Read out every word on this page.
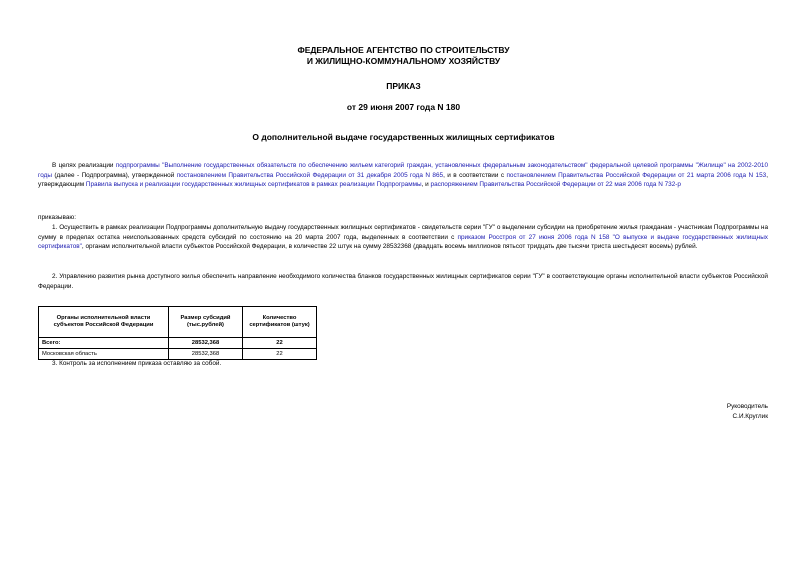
ФЕДЕРАЛЬНОЕ АГЕНТСТВО ПО СТРОИТЕЛЬСТВУ
И ЖИЛИЩНО-КОММУНАЛЬНОМУ ХОЗЯЙСТВУ
ПРИКАЗ
от 29 июня 2007 года N 180
О дополнительной выдаче государственных жилищных сертификатов
В целях реализации подпрограммы "Выполнение государственных обязательств по обеспечению жильем категорий граждан, установленных федеральным законодательством" федеральной целевой программы "Жилище" на 2002-2010 годы (далее - Подпрограмма), утвержденной постановлением Правительства Российской Федерации от 31 декабря 2005 года N 865, и в соответствии с постановлением Правительства Российской Федерации от 21 марта 2006 года N 153, утверждающим Правила выпуска и реализации государственных жилищных сертификатов в рамках реализации Подпрограммы, и распоряжением Правительства Российской Федерации от 22 мая 2006 года N 732-р
приказываю:
1. Осуществить в рамках реализации Подпрограммы дополнительную выдачу государственных жилищных сертификатов - свидетельств серии "ГУ" о выделении субсидии на приобретение жилья гражданам - участникам Подпрограммы на сумму в пределах остатка неиспользованных средств субсидий по состоянию на 20 марта 2007 года, выделенных в соответствии с приказом Росстроя от 27 июня 2006 года N 158 "О выпуске и выдаче государственных жилищных сертификатов", органам исполнительной власти субъектов Российской Федерации, в количестве 22 штук на сумму 28532368 (двадцать восемь миллионов пятьсот тридцать две тысячи триста шестьдесят восемь) рублей.
2. Управлению развития рынка доступного жилья обеспечить направление необходимого количества бланков государственных жилищных сертификатов серии "ГУ" в соответствующие органы исполнительной власти субъектов Российской Федерации.
Органы исполнительной власти субъектов Российской Федерации	Размер субсидий (тыс.рублей)	Количество сертификатов (штук)
Всего:	28532,368	22
Московская область	28532,368	22
3. Контроль за исполнением приказа оставляю за собой.
Руководитель
С.И.Круглик
